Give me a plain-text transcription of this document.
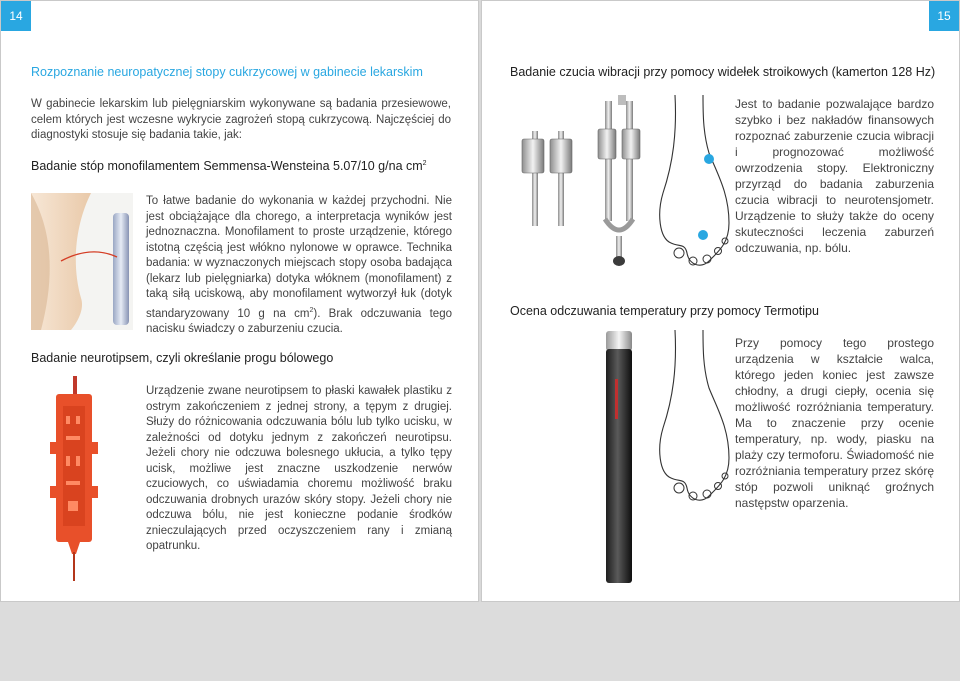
14
Rozpoznanie neuropatycznej stopy cukrzycowej w gabinecie lekarskim
W gabinecie lekarskim lub pielęgniarskim wykonywane są badania przesiewowe, celem których jest wczesne wykrycie zagrożeń stopą cukrzycową. Najczęściej do diagnostyki stosuje się badania takie, jak:
Badanie stóp monofilamentem Semmensa-Wensteina 5.07/10 g/na $cm^2$
To łatwe badanie do wykonania w każdej przychodni. Nie jest obciążające dla chorego, a interpretacja wyników jest jednoznaczna. Monofilament to proste urządzenie, którego istotną częścią jest włókno nylonowe w oprawce. Technika badania: w wyznaczonych miejscach stopy osoba badająca (lekarz lub pielęgniarka) dotyka włóknem (monofilament) z taką siłą uciskową, aby monofilament wytworzył łuk (dotyk standaryzowany 10 g na $cm^2$). Brak odczuwania tego nacisku świadczy o zaburzeniu czucia.
Badanie neurotipsem, czyli określanie progu bólowego
Urządzenie zwane neurotipsem to płaski kawałek plastiku z ostrym zakończeniem z jednej strony, a tępym z drugiej. Służy do różnicowania odczuwania bólu lub tylko ucisku, w zależności od dotyku jednym z zakończeń neurotipsu. Jeżeli chory nie odczuwa bolesnego ukłucia, a tylko tępy ucisk, możliwe jest znaczne uszkodzenie nerwów czuciowych, co uświadamia choremu możliwość braku odczuwania drobnych urazów skóry stopy. Jeżeli chory nie odczuwa bólu, nie jest konieczne podanie środków znieczulających przed oczyszczeniem rany i zmianą opatrunku.
15
Badanie czucia wibracji przy pomocy widełek stroikowych (kamerton 128 Hz)
Jest to badanie pozwalające bardzo szybko i bez nakładów finansowych rozpoznać zaburzenie czucia wibracji i prognozować możliwość owrzodzenia stopy. Elektroniczny przyrząd do badania zaburzenia czucia wibracji to neurotensjometr. Urządzenie to służy także do oceny skuteczności leczenia zaburzeń odczuwania, np. bólu.
Ocena odczuwania temperatury przy pomocy Termotipu
Przy pomocy tego prostego urządzenia w kształcie walca, którego jeden koniec jest zawsze chłodny, a drugi ciepły, ocenia się możliwość rozróżniania temperatury. Ma to znaczenie przy ocenie temperatury, np. wody, piasku na plaży czy termoforu. Świadomość nie rozróżniania temperatury przez skórę stóp pozwoli uniknąć groźnych następstw oparzenia.
